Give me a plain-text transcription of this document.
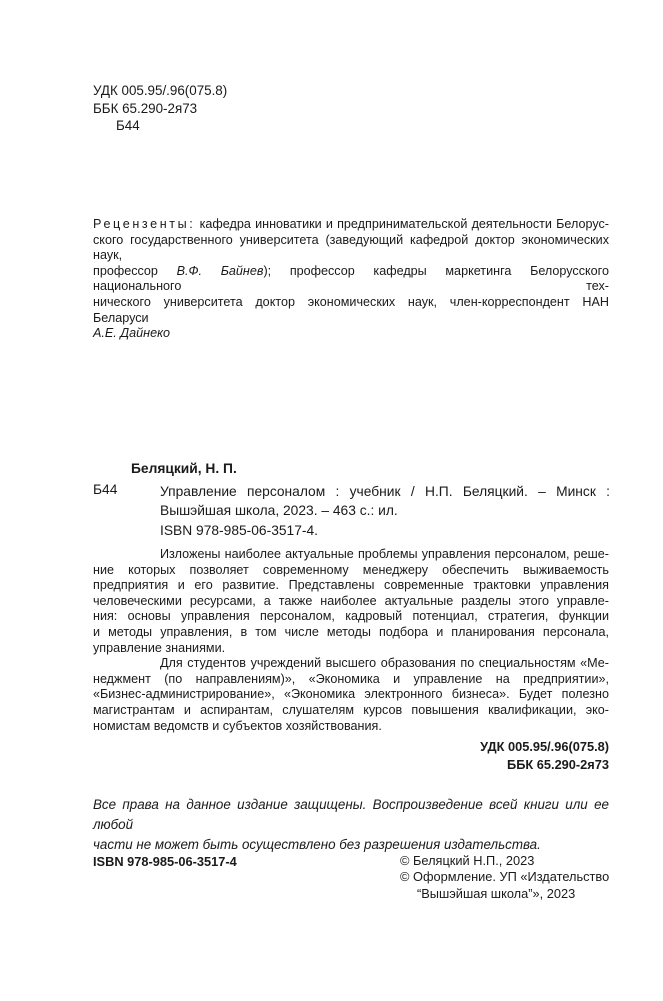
УДК 005.95/.96(075.8)
ББК 65.290-2я73
Б44
Рецензенты: кафедра инноватики и предпринимательской деятельности Белорус-
ского государственного университета (заведующий кафедрой доктор экономических наук,
профессор В.Ф. Байнев); профессор кафедры маркетинга Белорусского национального тех-
нического университета доктор экономических наук, член-корреспондент НАН Беларуси
А.Е. Дайнеко
Беляцкий, Н. П.
Б44	Управление персоналом : учебник / Н.П. Беляцкий. – Минск :
Вышэйшая школа, 2023. – 463 с.: ил.
ISBN 978-985-06-3517-4.
Изложены наиболее актуальные проблемы управления персоналом, реше-
ние которых позволяет современному менеджеру обеспечить выживаемость
предприятия и его развитие. Представлены современные трактовки управления
человеческими ресурсами, а также наиболее актуальные разделы этого управле-
ния: основы управления персоналом, кадровый потенциал, стратегия, функции
и методы управления, в том числе методы подбора и планирования персонала,
управление знаниями.
Для студентов учреждений высшего образования по специальностям «Ме-
неджмент (по направлениям)», «Экономика и управление на предприятии»,
«Бизнес-администрирование», «Экономика электронного бизнеса». Будет полезно
магистрантам и аспирантам, слушателям курсов повышения квалификации, эко-
номистам ведомств и субъектов хозяйствования.
УДК 005.95/.96(075.8)
ББК 65.290-2я73
Все права на данное издание защищены. Воспроизведение всей книги или ее любой
части не может быть осуществлено без разрешения издательства.
ISBN 978-985-06-3517-4	© Беляцкий Н.П., 2023
© Оформление. УП «Издательство
“Вышэйшая школа”», 2023
